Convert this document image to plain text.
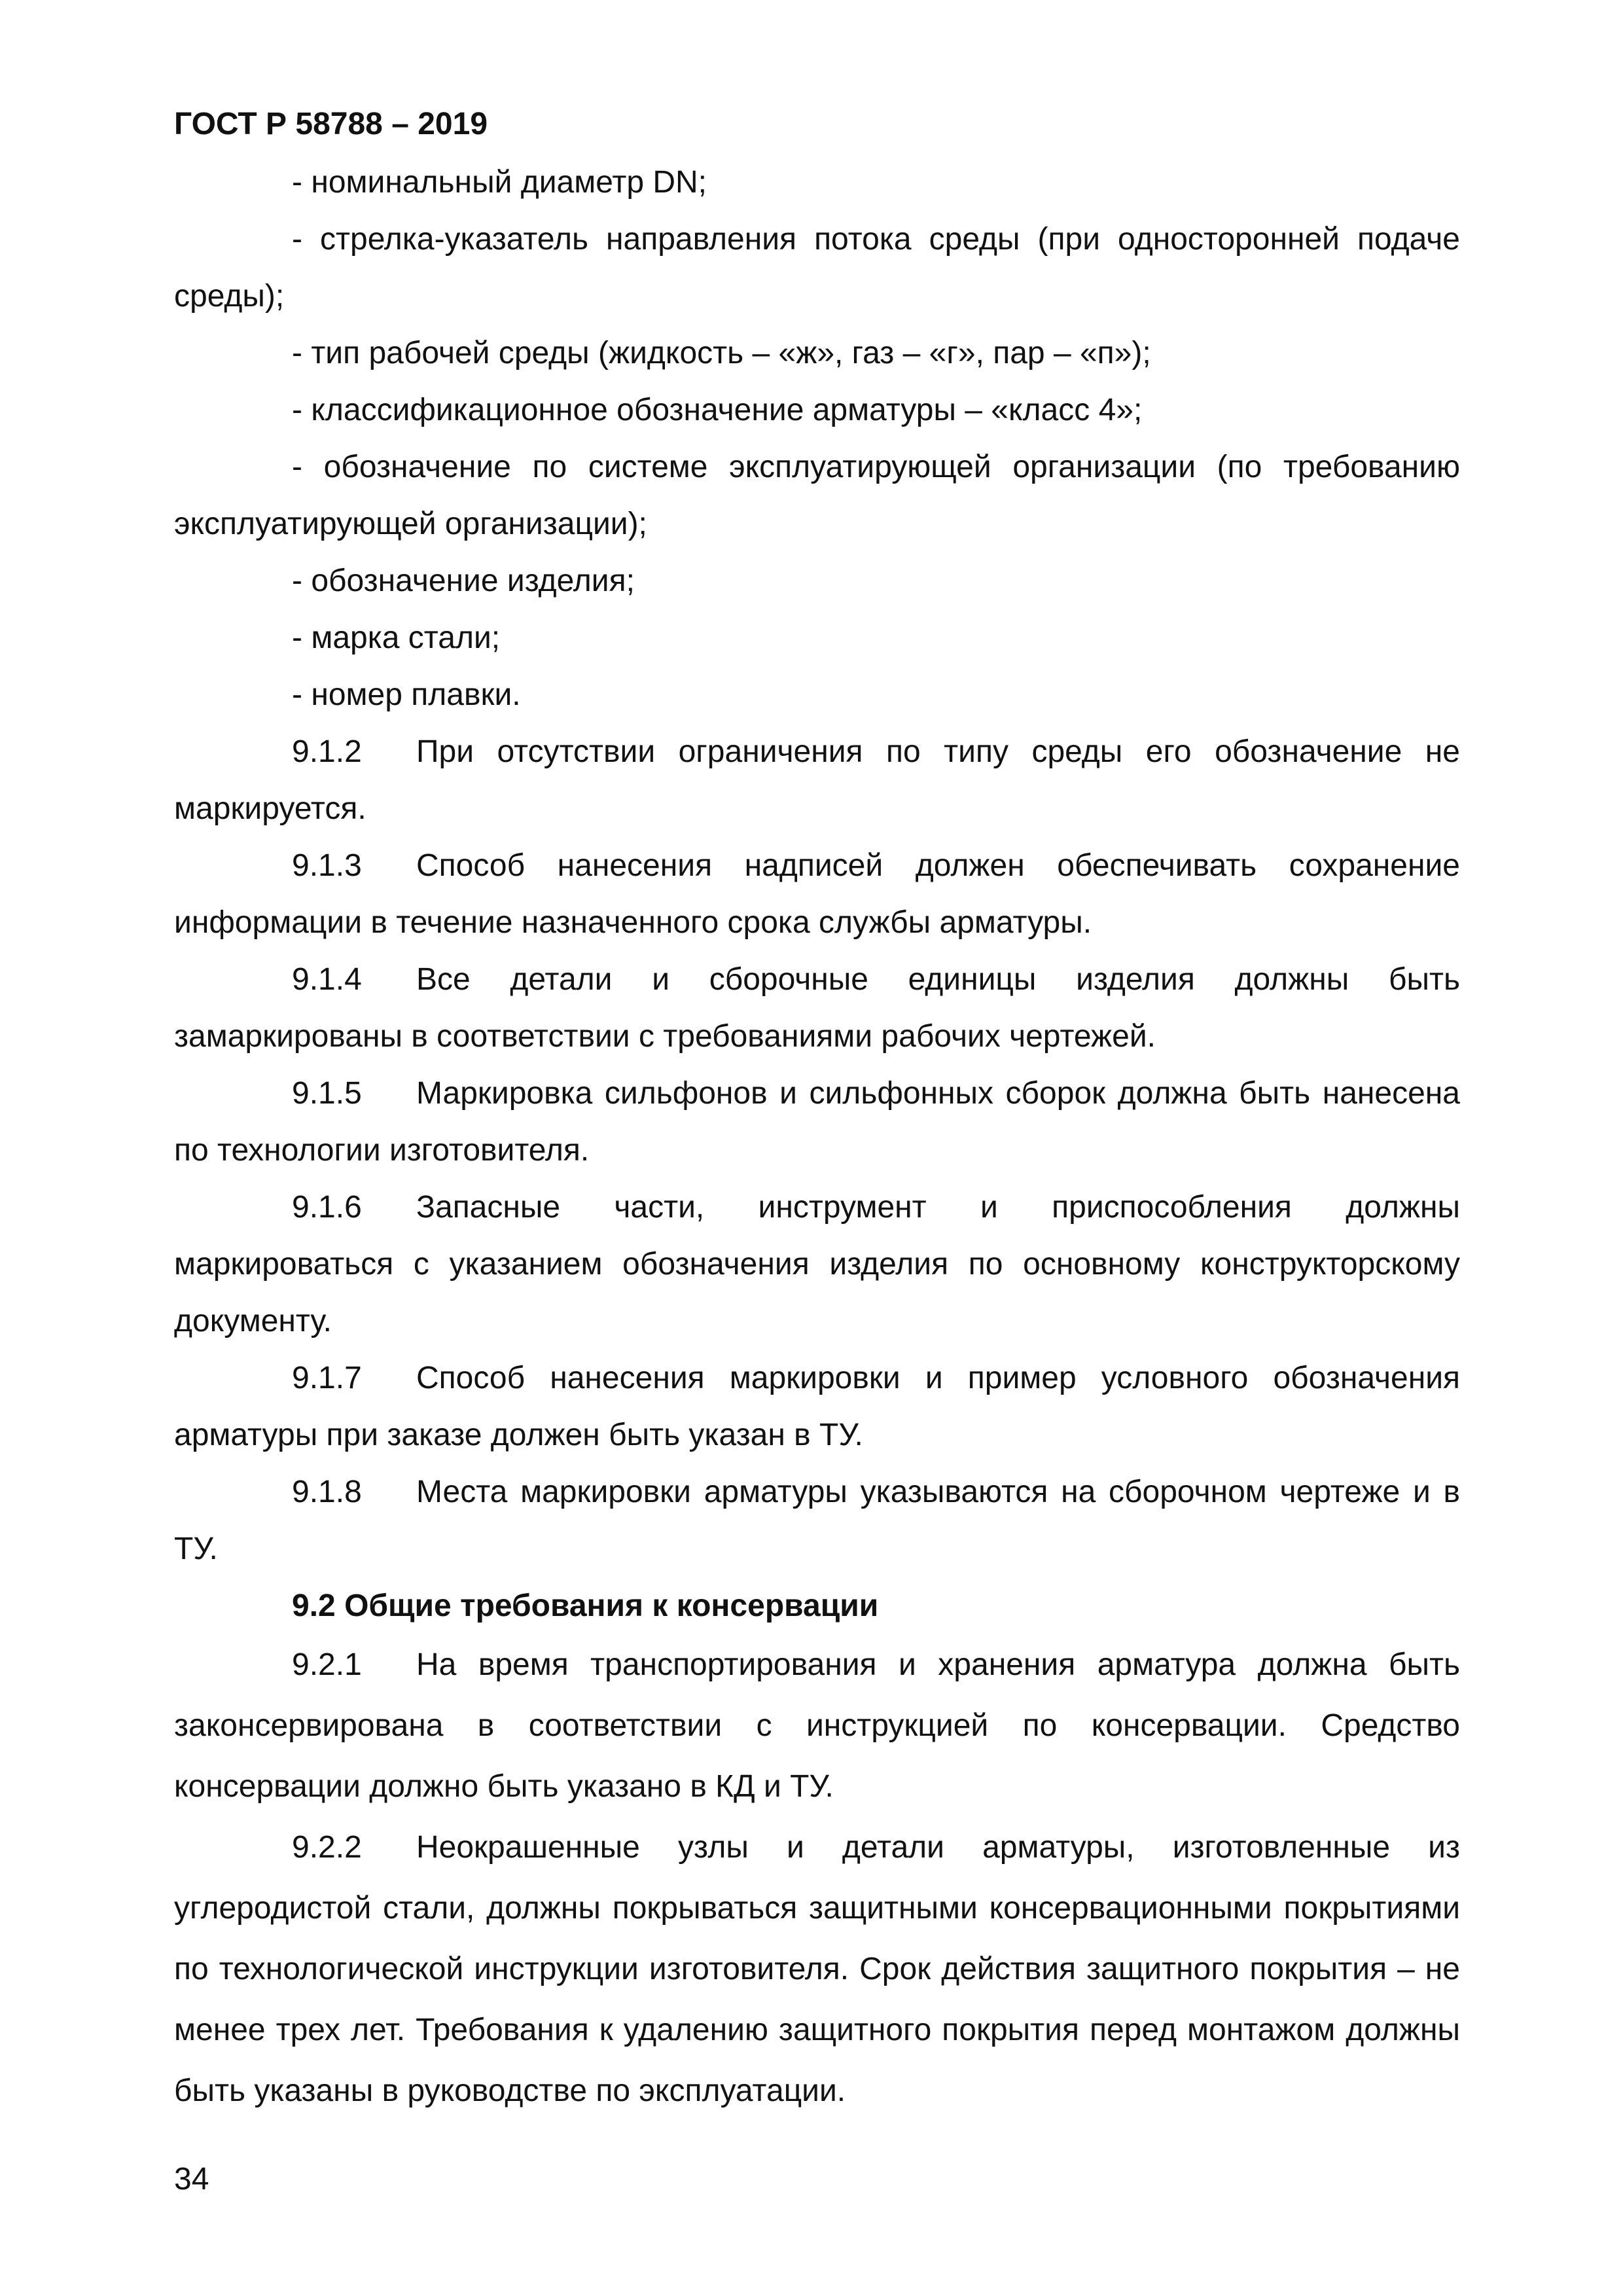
ГОСТ Р 58788 – 2019

- номинальный диаметр DN;

- стрелка-указатель направления потока среды (при односторонней подаче среды);

- тип рабочей среды (жидкость – «ж», газ – «г», пар – «п»);

- классификационное обозначение арматуры – «класс 4»;

- обозначение по системе эксплуатирующей организации (по требованию эксплуатирующей организации);

- обозначение изделия;

- марка стали;

- номер плавки.

9.1.2 При отсутствии ограничения по типу среды его обозначение не маркируется.

9.1.3 Способ нанесения надписей должен обеспечивать сохранение информации в течение назначенного срока службы арматуры.

9.1.4 Все детали и сборочные единицы изделия должны быть замаркированы в соответствии с требованиями рабочих чертежей.

9.1.5 Маркировка сильфонов и сильфонных сборок должна быть нанесена по технологии изготовителя.

9.1.6 Запасные части, инструмент и приспособления должны маркироваться с указанием обозначения изделия по основному конструкторскому документу.

9.1.7 Способ нанесения маркировки и пример условного обозначения арматуры при заказе должен быть указан в ТУ.

9.1.8 Места маркировки арматуры указываются на сборочном чертеже и в ТУ.

9.2 Общие требования к консервации

9.2.1 На время транспортирования и хранения арматура должна быть законсервирована в соответствии с инструкцией по консервации. Средство консервации должно быть указано в КД и ТУ.

9.2.2 Неокрашенные узлы и детали арматуры, изготовленные из углеродистой стали, должны покрываться защитными консервационными покрытиями по технологической инструкции изготовителя. Срок действия защитного покрытия – не менее трех лет. Требования к удалению защитного покрытия перед монтажом должны быть указаны в руководстве по эксплуатации.

34
